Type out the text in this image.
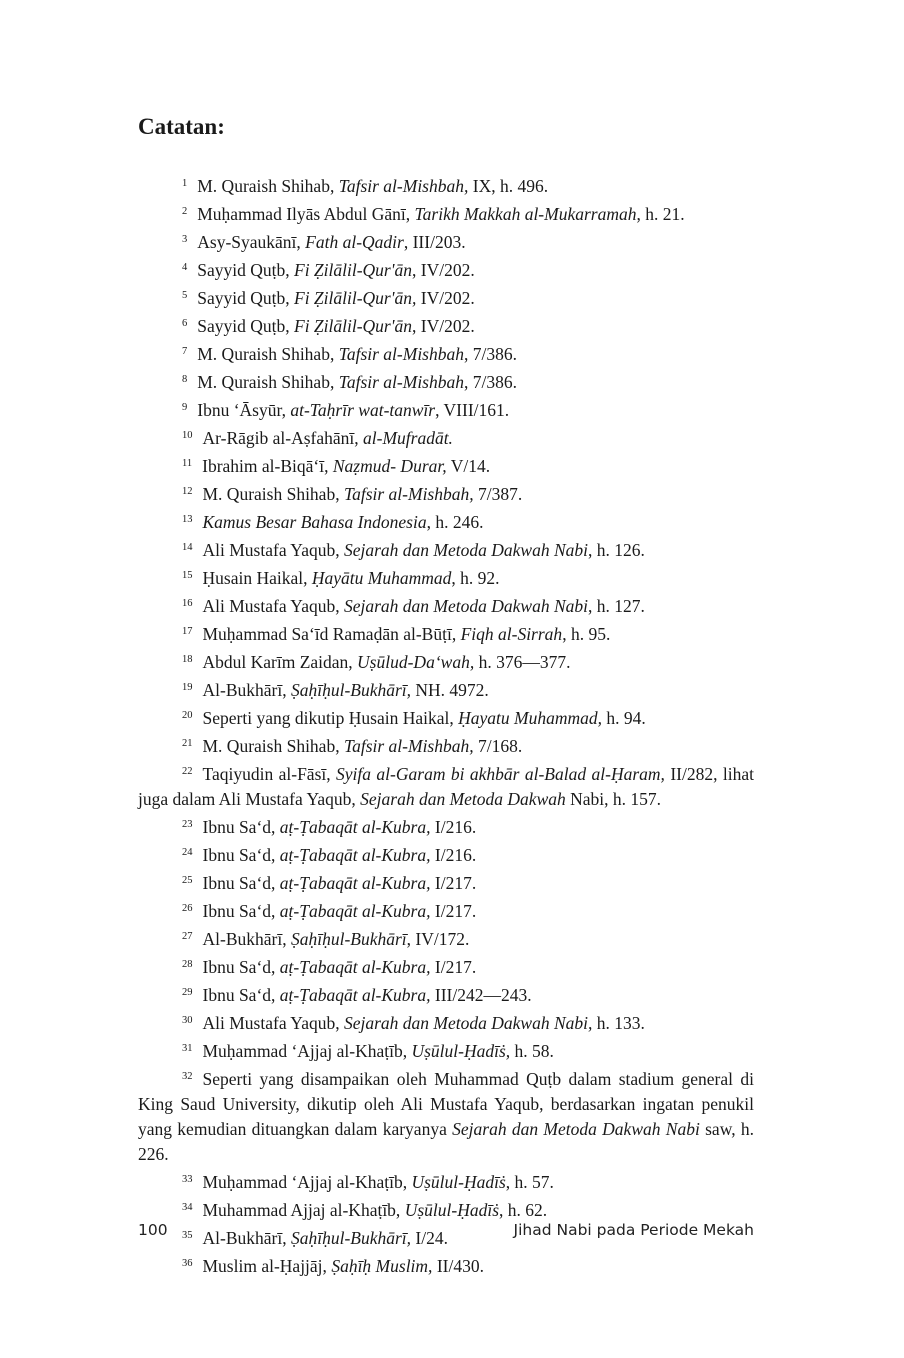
Catatan:
$^1$ M. Quraish Shihab, Tafsir al-Mishbah, IX, h. 496.
$^2$ Muḥammad Ilyās Abdul Gānī, Tarikh Makkah al-Mukarramah, h. 21.
$^3$ Asy-Syaukānī, Fath al-Qadir, III/203.
$^4$ Sayyid Quṭb, Fi Ẓilālil-Qur'ān, IV/202.
$^5$ Sayyid Quṭb, Fi Ẓilālil-Qur'ān, IV/202.
$^6$ Sayyid Quṭb, Fi Ẓilālil-Qur'ān, IV/202.
$^7$ M. Quraish Shihab, Tafsir al-Mishbah, 7/386.
$^8$ M. Quraish Shihab, Tafsir al-Mishbah, 7/386.
$^9$ Ibnu ‘Āsyūr, at-Taḥrīr wat-tanwīr, VIII/161.
$^{10}$ Ar-Rāgib al-Aṣfahānī, al-Mufradāt.
$^{11}$ Ibrahim al-Biqā‘ī, Naẓmud- Durar, V/14.
$^{12}$ M. Quraish Shihab, Tafsir al-Mishbah, 7/387.
$^{13}$ Kamus Besar Bahasa Indonesia, h. 246.
$^{14}$ Ali Mustafa Yaqub, Sejarah dan Metoda Dakwah Nabi, h. 126.
$^{15}$ Ḥusain Haikal, Ḥayātu Muhammad, h. 92.
$^{16}$ Ali Mustafa Yaqub, Sejarah dan Metoda Dakwah Nabi, h. 127.
$^{17}$ Muḥammad Sa‘īd Ramaḍān al-Būṭī, Fiqh al-Sirrah, h. 95.
$^{18}$ Abdul Karīm Zaidan, Uṣūlud-Da‘wah, h. 376—377.
$^{19}$ Al-Bukhārī, Ṣaḥīḥul-Bukhārī, NH. 4972.
$^{20}$ Seperti yang dikutip Ḥusain Haikal, Ḥayatu Muhammad, h. 94.
$^{21}$ M. Quraish Shihab, Tafsir al-Mishbah, 7/168.
$^{22}$ Taqiyudin al-Fāsī, Syifa al-Garam bi akhbār al-Balad al-Ḥaram, II/282, lihat juga dalam Ali Mustafa Yaqub, Sejarah dan Metoda Dakwah Nabi, h. 157.
$^{23}$ Ibnu Sa‘d, aṭ-Ṭabaqāt al-Kubra, I/216.
$^{24}$ Ibnu Sa‘d, aṭ-Ṭabaqāt al-Kubra, I/216.
$^{25}$ Ibnu Sa‘d, aṭ-Ṭabaqāt al-Kubra, I/217.
$^{26}$ Ibnu Sa‘d, aṭ-Ṭabaqāt al-Kubra, I/217.
$^{27}$ Al-Bukhārī, Ṣaḥīḥul-Bukhārī, IV/172.
$^{28}$ Ibnu Sa‘d, aṭ-Ṭabaqāt al-Kubra, I/217.
$^{29}$ Ibnu Sa‘d, aṭ-Ṭabaqāt al-Kubra, III/242—243.
$^{30}$ Ali Mustafa Yaqub, Sejarah dan Metoda Dakwah Nabi, h. 133.
$^{31}$ Muḥammad ‘Ajjaj al-Khaṭīb, Uṣūlul-Ḥadīṡ, h. 58.
$^{32}$ Seperti yang disampaikan oleh Muhammad Quṭb dalam stadium general di King Saud University, dikutip oleh Ali Mustafa Yaqub, berdasarkan ingatan penukil yang kemudian dituangkan dalam karyanya Sejarah dan Metoda Dakwah Nabi saw, h. 226.
$^{33}$ Muḥammad ‘Ajjaj al-Khaṭīb, Uṣūlul-Ḥadīṡ, h. 57.
$^{34}$ Muhammad Ajjaj al-Khaṭīb, Uṣūlul-Ḥadīṡ, h. 62.
$^{35}$ Al-Bukhārī, Ṣaḥīḥul-Bukhārī, I/24.
$^{36}$ Muslim al-Ḥajjāj, Ṣaḥīḥ Muslim, II/430.
100	Jihad Nabi pada Periode Mekah
